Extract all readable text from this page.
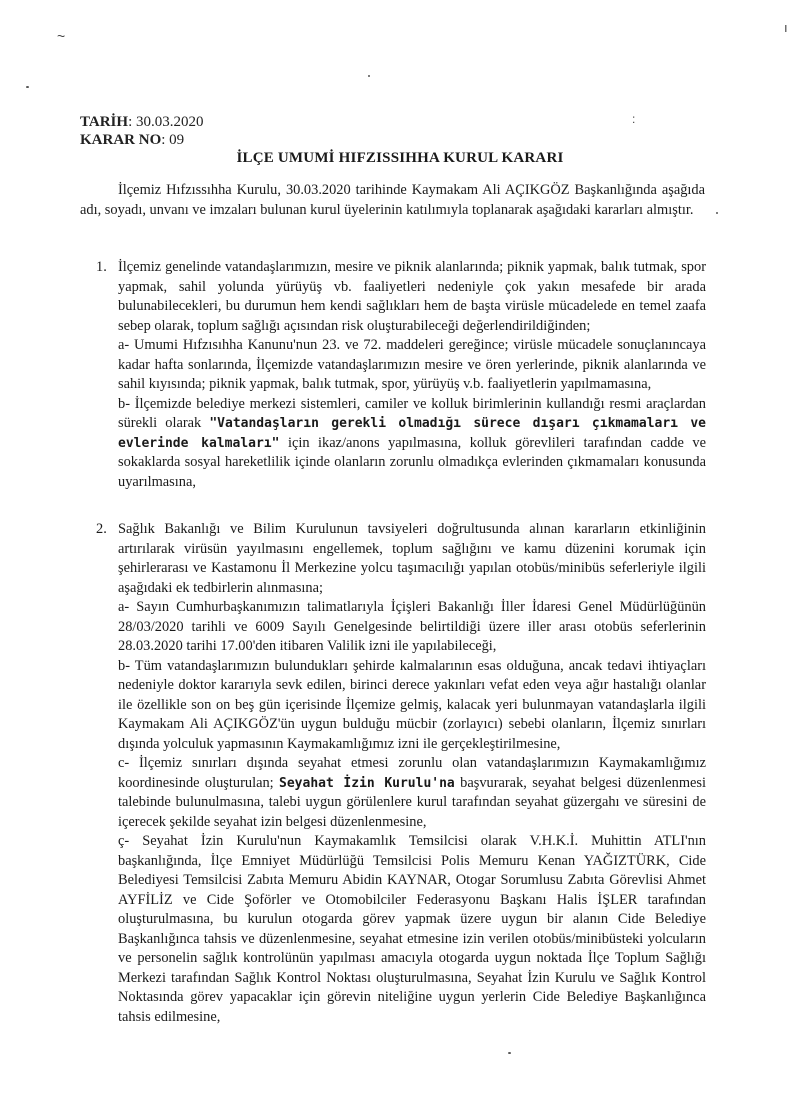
~
ı
:
TARİH: 30.03.2020
KARAR NO: 09
İLÇE UMUMİ HIFZISSIHHA KURUL KARARI
İlçemiz Hıfzıssıhha Kurulu, 30.03.2020 tarihinde Kaymakam Ali AÇIKGÖZ Başkanlığında aşağıda adı, soyadı, unvanı ve imzaları bulunan kurul üyelerinin katılımıyla toplanarak aşağıdaki kararları almıştır.
1. İlçemiz genelinde vatandaşlarımızın, mesire ve piknik alanlarında; piknik yapmak, balık tutmak, spor yapmak, sahil yolunda yürüyüş vb. faaliyetleri nedeniyle çok yakın mesafede bir arada bulunabilecekleri, bu durumun hem kendi sağlıkları hem de başta virüsle mücadelede en temel zaafa sebep olarak, toplum sağlığı açısından risk oluşturabileceği değerlendirildiğinden;
a- Umumi Hıfzısıhha Kanunu'nun 23. ve 72. maddeleri gereğince; virüsle mücadele sonuçlanıncaya kadar hafta sonlarında, İlçemizde vatandaşlarımızın mesire ve ören yerlerinde, piknik alanlarında ve sahil kıyısında; piknik yapmak, balık tutmak, spor, yürüyüş v.b. faaliyetlerin yapılmamasına,
b- İlçemizde belediye merkezi sistemleri, camiler ve kolluk birimlerinin kullandığı resmi araçlardan sürekli olarak "Vatandaşların gerekli olmadığı sürece dışarı çıkmamaları ve evlerinde kalmaları" için ikaz/anons yapılmasına, kolluk görevlileri tarafından cadde ve sokaklarda sosyal hareketlilik içinde olanların zorunlu olmadıkça evlerinden çıkmamaları konusunda uyarılmasına,
2. Sağlık Bakanlığı ve Bilim Kurulunun tavsiyeleri doğrultusunda alınan kararların etkinliğinin artırılarak virüsün yayılmasını engellemek, toplum sağlığını ve kamu düzenini korumak için şehirlerarası ve Kastamonu İl Merkezine yolcu taşımacılığı yapılan otobüs/minibüs seferleriyle ilgili aşağıdaki ek tedbirlerin alınmasına;
a- Sayın Cumhurbaşkanımızın talimatlarıyla İçişleri Bakanlığı İller İdaresi Genel Müdürlüğünün 28/03/2020 tarihli ve 6009 Sayılı Genelgesinde belirtildiği üzere iller arası otobüs seferlerinin 28.03.2020 tarihi 17.00'den itibaren Valilik izni ile yapılabileceği,
b- Tüm vatandaşlarımızın bulundukları şehirde kalmalarının esas olduğuna, ancak tedavi ihtiyaçları nedeniyle doktor kararıyla sevk edilen, birinci derece yakınları vefat eden veya ağır hastalığı olanlar ile özellikle son on beş gün içerisinde İlçemize gelmiş, kalacak yeri bulunmayan vatandaşlarla ilgili Kaymakam Ali AÇIKGÖZ'ün uygun bulduğu mücbir (zorlayıcı) sebebi olanların, İlçemiz sınırları dışında yolculuk yapmasının Kaymakamlığımız izni ile gerçekleştirilmesine,
c- İlçemiz sınırları dışında seyahat etmesi zorunlu olan vatandaşlarımızın Kaymakamlığımız koordinesinde oluşturulan; Seyahat İzin Kurulu'na başvurarak, seyahat belgesi düzenlenmesi talebinde bulunulmasına, talebi uygun görülenlere kurul tarafından seyahat güzergahı ve süresini de içerecek şekilde seyahat izin belgesi düzenlenmesine,
ç- Seyahat İzin Kurulu'nun Kaymakamlık Temsilcisi olarak V.H.K.İ. Muhittin ATLI'nın başkanlığında, İlçe Emniyet Müdürlüğü Temsilcisi Polis Memuru Kenan YAĞIZTÜRK, Cide Belediyesi Temsilcisi Zabıta Memuru Abidin KAYNAR, Otogar Sorumlusu Zabıta Görevlisi Ahmet AYFİLİZ ve Cide Şoförler ve Otomobilciler Federasyonu Başkanı Halis İŞLER tarafından oluşturulmasına, bu kurulun otogarda görev yapmak üzere uygun bir alanın Cide Belediye Başkanlığınca tahsis ve düzenlenmesine, seyahat etmesine izin verilen otobüs/minibüsteki yolcuların ve personelin sağlık kontrolünün yapılması amacıyla otogarda uygun noktada İlçe Toplum Sağlığı Merkezi tarafından Sağlık Kontrol Noktası oluşturulmasına, Seyahat İzin Kurulu ve Sağlık Kontrol Noktasında görev yapacaklar için görevin niteliğine uygun yerlerin Cide Belediye Başkanlığınca tahsis edilmesine,
